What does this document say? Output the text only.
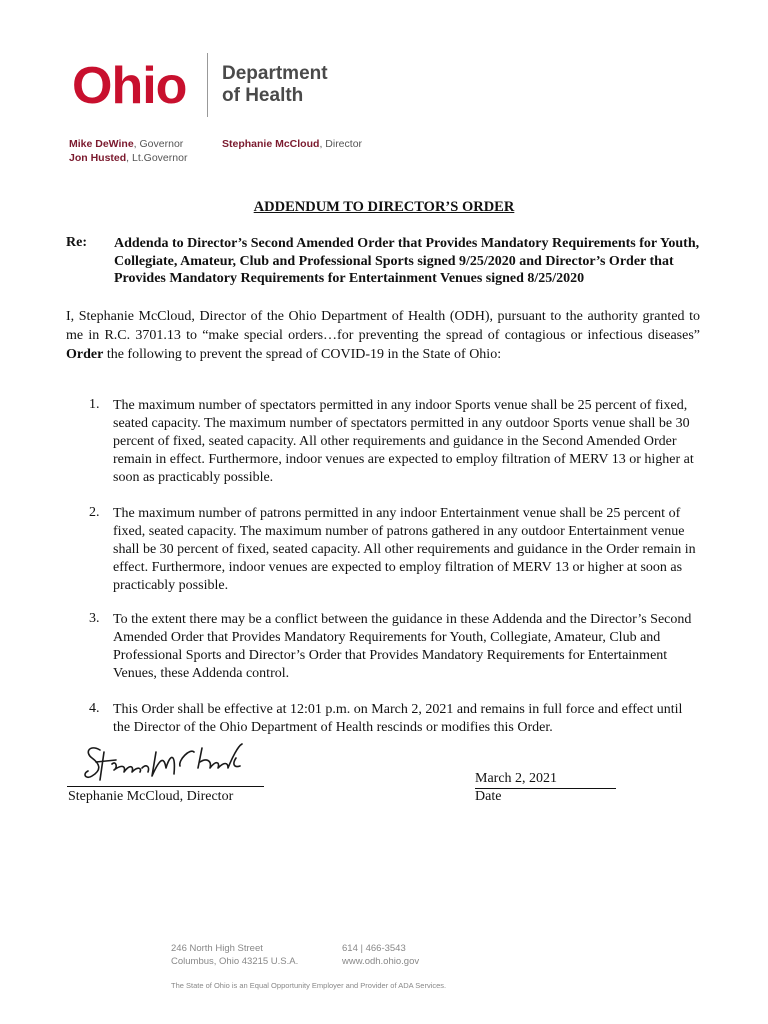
Ohio Department of Health
Mike DeWine, Governor
Jon Husted, Lt.Governor
Stephanie McCloud, Director
ADDENDUM TO DIRECTOR’S ORDER
Re: Addenda to Director’s Second Amended Order that Provides Mandatory Requirements for Youth, Collegiate, Amateur, Club and Professional Sports signed 9/25/2020 and Director’s Order that Provides Mandatory Requirements for Entertainment Venues signed 8/25/2020
I, Stephanie McCloud, Director of the Ohio Department of Health (ODH), pursuant to the authority granted to me in R.C. 3701.13 to “make special orders…for preventing the spread of contagious or infectious diseases” Order the following to prevent the spread of COVID-19 in the State of Ohio:
1. The maximum number of spectators permitted in any indoor Sports venue shall be 25 percent of fixed, seated capacity. The maximum number of spectators permitted in any outdoor Sports venue shall be 30 percent of fixed, seated capacity. All other requirements and guidance in the Second Amended Order remain in effect. Furthermore, indoor venues are expected to employ filtration of MERV 13 or higher at soon as practicably possible.
2. The maximum number of patrons permitted in any indoor Entertainment venue shall be 25 percent of fixed, seated capacity. The maximum number of patrons gathered in any outdoor Entertainment venue shall be 30 percent of fixed, seated capacity. All other requirements and guidance in the Order remain in effect. Furthermore, indoor venues are expected to employ filtration of MERV 13 or higher at soon as practicably possible.
3. To the extent there may be a conflict between the guidance in these Addenda and the Director’s Second Amended Order that Provides Mandatory Requirements for Youth, Collegiate, Amateur, Club and Professional Sports and Director’s Order that Provides Mandatory Requirements for Entertainment Venues, these Addenda control.
4. This Order shall be effective at 12:01 p.m. on March 2, 2021 and remains in full force and effect until the Director of the Ohio Department of Health rescinds or modifies this Order.
Stephanie McCloud, Director
March 2, 2021
Date
246 North High Street
Columbus, Ohio 43215 U.S.A.
614 | 466-3543
www.odh.ohio.gov
The State of Ohio is an Equal Opportunity Employer and Provider of ADA Services.
